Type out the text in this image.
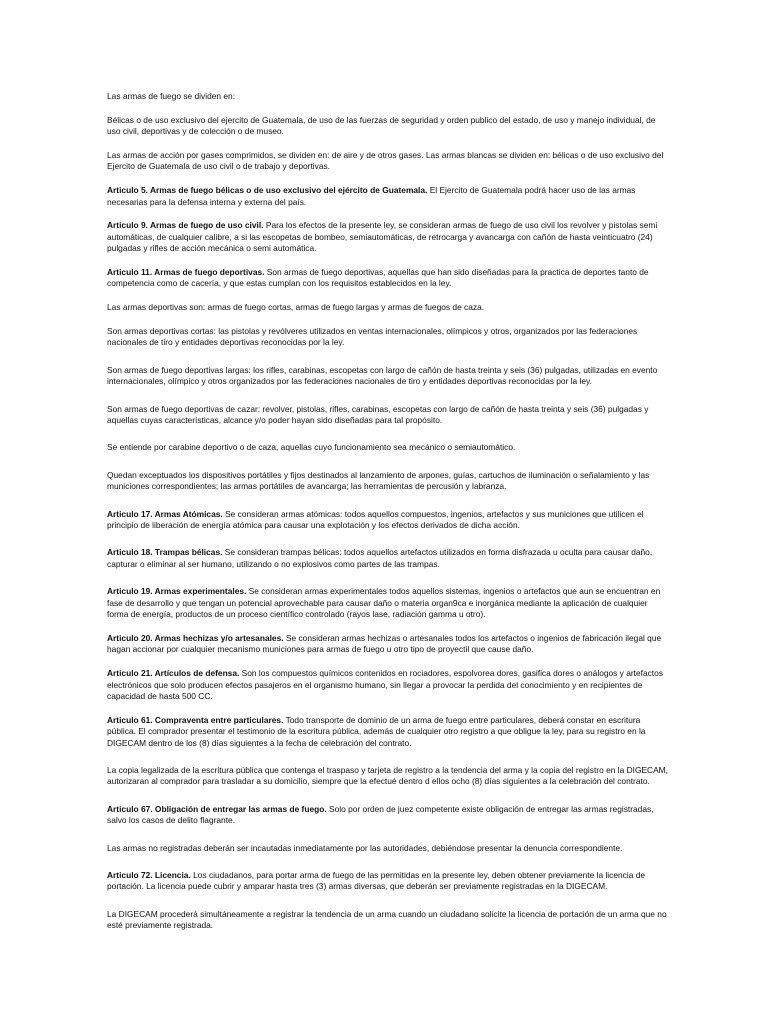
Las armas de fuego se dividen en:

Bélicas o de uso exclusivo del ejercito de Guatemala, de uso de las fuerzas de seguridad y orden publico del estado, de uso y manejo individual, de uso civil, deportivas y de colección o de museo.

Las armas de acción por gases comprimidos, se dividen en: de aire y de otros gases. Las armas blancas se dividen en: bélicas o de uso exclusivo del Ejercito de Guatemala de uso civil o de trabajo y deportivas.

Articulo 5. Armas de fuego bélicas o de uso exclusivo del ejército de Guatemala. El Ejercito de Guatemala podrá hacer uso de las armas necesarias para la defensa interna y externa del país.

Articulo 9. Armas de fuego de uso civil. Para los efectos de la presente ley, se consideran armas de fuego de uso civil los revolver y pistolas semi automáticas, de cualquier calibre, a si las escopetas de bombeo, semiautomáticas, de retrocarga y avancarga con cañón de hasta veinticuatro (24) pulgadas y rifles de acción mecánica o semi automática.

Articulo 11. Armas de fuego deportivas. Son armas de fuego deportivas, aquellas que han sido diseñadas para la practica de deportes tanto de competencia como de cacería, y que estas cumplan con los requisitos establecidos en la ley.

Las armas deportivas son: armas de fuego cortas, armas de fuego largas y armas de fuegos de caza.

Son armas deportivas cortas: las pistolas y revólveres utilizados en ventas internacionales, olímpicos y otros, organizados por las federaciones nacionales de tiro y entidades deportivas reconocidas por la ley.

Son armas de fuego deportivas largas: los rifles, carabinas, escopetas con largo de cañón de hasta treinta y seis (36) pulgadas, utilizadas en evento internacionales, olímpico y otros organizados por las federaciones nacionales de tiro y entidades deportivas reconocidas por la ley.

Son armas de fuego deportivas de cazar: revolver, pistolas, rifles, carabinas, escopetas con largo de cañón de hasta treinta y seis (36) pulgadas y aquellas cuyas características, alcance y/o poder hayan sido diseñadas para tal propósito.

Se entiende por carabine deportivo o de caza, aquellas cuyo funcionamiento sea mecánico o semiautomático.

Quedan exceptuados los dispositivos portátiles y fijos destinados al lanzamiento de arpones, guías, cartuchos de iluminación o señalamiento y las municiones correspondientes; las armas portátiles de avancarga; las herramientas de percusión y labranza.

Articulo 17. Armas Atómicas. Se consideran armas atómicas: todos aquellos compuestos, ingenios, artefactos y sus municiones que utilicen el principio de liberación de energía atómica para causar una explotación y los efectos derivados de dicha acción.

Articulo 18. Trampas bélicas. Se consideran trampas bélicas: todos aquellos artefactos utilizados en forma disfrazada u oculta para causar daño, capturar o eliminar al ser humano, utilizando o no explosivos como partes de las trampas.

Articulo 19. Armas experimentales. Se consideran armas experimentales todos aquellos sistemas, ingenios o artefactos que aun se encuentran en fase de desarrollo y que tengan un potencial aprovechable para causar daño o materia organ9ca e inorgánica mediante la aplicación de cualquier forma de energía, productos de un proceso científico controlado (rayos lase, radiación gamma u otro).

Articulo 20. Armas hechizas y/o artesanales. Se consideran armas hechizas o artesanales todos los artefactos o ingenios de fabricación ilegal que hagan accionar por cualquier mecanismo municiones para armas de fuego u otro tipo de proyectil que cause daño.

Articulo 21. Artículos de defensa. Son los compuestos químicos contenidos en rociadores, espolvorea dores, gasifica dores o análogos y artefactos electrónicos que solo producen efectos pasajeros en el organismo humano, sin llegar a provocar la perdida del conocimiento y en recipientes de capacidad de hasta 500 CC.

Articulo 61. Compraventa entre particulares. Todo transporte de dominio de un arma de fuego entre particulares, deberá constar en escritura pública. El comprador presentar el testimonio de la escritura pública, además de cualquier otro registro a que obligue la ley, para su registro en la DIGECAM dentro de los (8) días siguientes a la fecha de celebración del contrato.

La copia legalizada de la escritura pública que contenga el traspaso y tarjeta de registro a la tendencia del arma y la copia del registro en la DIGECAM, autorizaran al comprador para trasladar a su domicilio, siempre que la efectué dentro d ellos ocho (8) días siguientes a la celebración del contrato.

Articulo 67. Obligación de entregar las armas de fuego. Solo por orden de juez competente existe obligación de entregar las armas registradas, salvo los casos de delito flagrante.

Las armas no registradas deberán ser incautadas inmediatamente por las autoridades, debiéndose presentar la denuncia correspondiente.

Articulo 72. Licencia. Los ciudadanos, para portar arma de fuego de las permitidas en la presente ley, deben obtener previamente la licencia de portación. La licencia puede cubrir y amparar hasta tres (3) armas diversas, que deberán ser previamente registradas en la DIGECAM.

La DIGECAM procederá simultáneamente a registrar la tendencia de un arma cuando un ciudadano solicite la licencia de portación de un arma que no esté previamente registrada.
